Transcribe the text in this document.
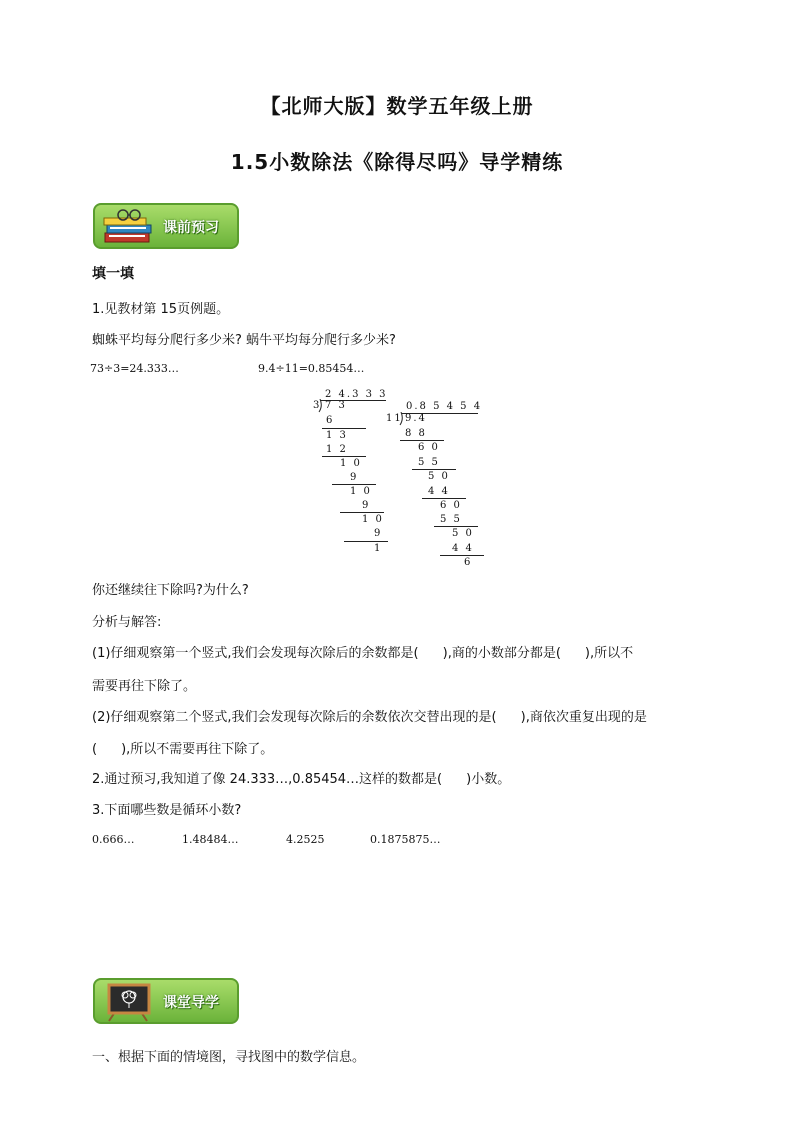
【北师大版】数学五年级上册
1.5小数除法《除得尽吗》导学精练
课前预习
填一填
1.见教材第 15页例题。
蜘蛛平均每分爬行多少米? 蜗牛平均每分爬行多少米?
73÷3=24.333…	9.4÷11=0.85454…
2 4.3 3 3
3 7 3
6
1 3
1 2
1 0
9
1 0
9
1 0
9
1
0.8 5 4 5 4
11 9.4
8 8
6 0
5 5
5 0
4 4
6 0
5 5
5 0
4 4
6
你还继续往下除吗?为什么?
分析与解答:
(1)仔细观察第一个竖式,我们会发现每次除后的余数都是( ),商的小数部分都是( ),所以不
需要再往下除了。
(2)仔细观察第二个竖式,我们会发现每次除后的余数依次交替出现的是( ),商依次重复出现的是
( ),所以不需要再往下除了。
2.通过预习,我知道了像 24.333…,0.85454…这样的数都是( )小数。
3.下面哪些数是循环小数?
0.666…	1.48484…	4.2525	0.1875875…
课堂导学
一、根据下面的情境图，寻找图中的数学信息。
